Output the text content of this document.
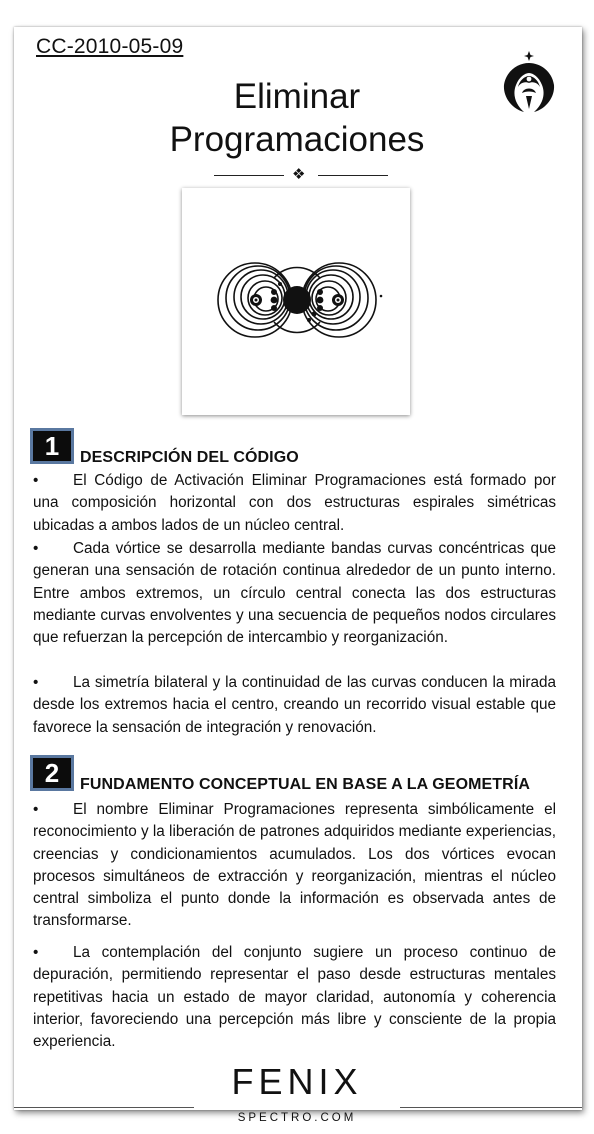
CC-2010-05-09
Eliminar
Programaciones
❖
1	DESCRIPCIÓN DEL CÓDIGO
• El Código de Activación Eliminar Programaciones está formado por una composición horizontal con dos estructuras espirales simétricas ubicadas a ambos lados de un núcleo central.
• Cada vórtice se desarrolla mediante bandas curvas concéntricas que generan una sensación de rotación continua alrededor de un punto interno. Entre ambos extremos, un círculo central conecta las dos estructuras mediante curvas envolventes y una secuencia de pequeños nodos circulares que refuerzan la percepción de intercambio y reorganización.
• La simetría bilateral y la continuidad de las curvas conducen la mirada desde los extremos hacia el centro, creando un recorrido visual estable que favorece la sensación de integración y renovación.
2	FUNDAMENTO CONCEPTUAL EN BASE A LA GEOMETRÍA
• El nombre Eliminar Programaciones representa simbólicamente el reconocimiento y la liberación de patrones adquiridos mediante experiencias, creencias y condicionamientos acumulados. Los dos vórtices evocan procesos simultáneos de extracción y reorganización, mientras el núcleo central simboliza el punto donde la información es observada antes de transformarse.
• La contemplación del conjunto sugiere un proceso continuo de depuración, permitiendo representar el paso desde estructuras mentales repetitivas hacia un estado de mayor claridad, autonomía y coherencia interior, favoreciendo una percepción más libre y consciente de la propia experiencia.
FENIX
SPECTRO.COM
